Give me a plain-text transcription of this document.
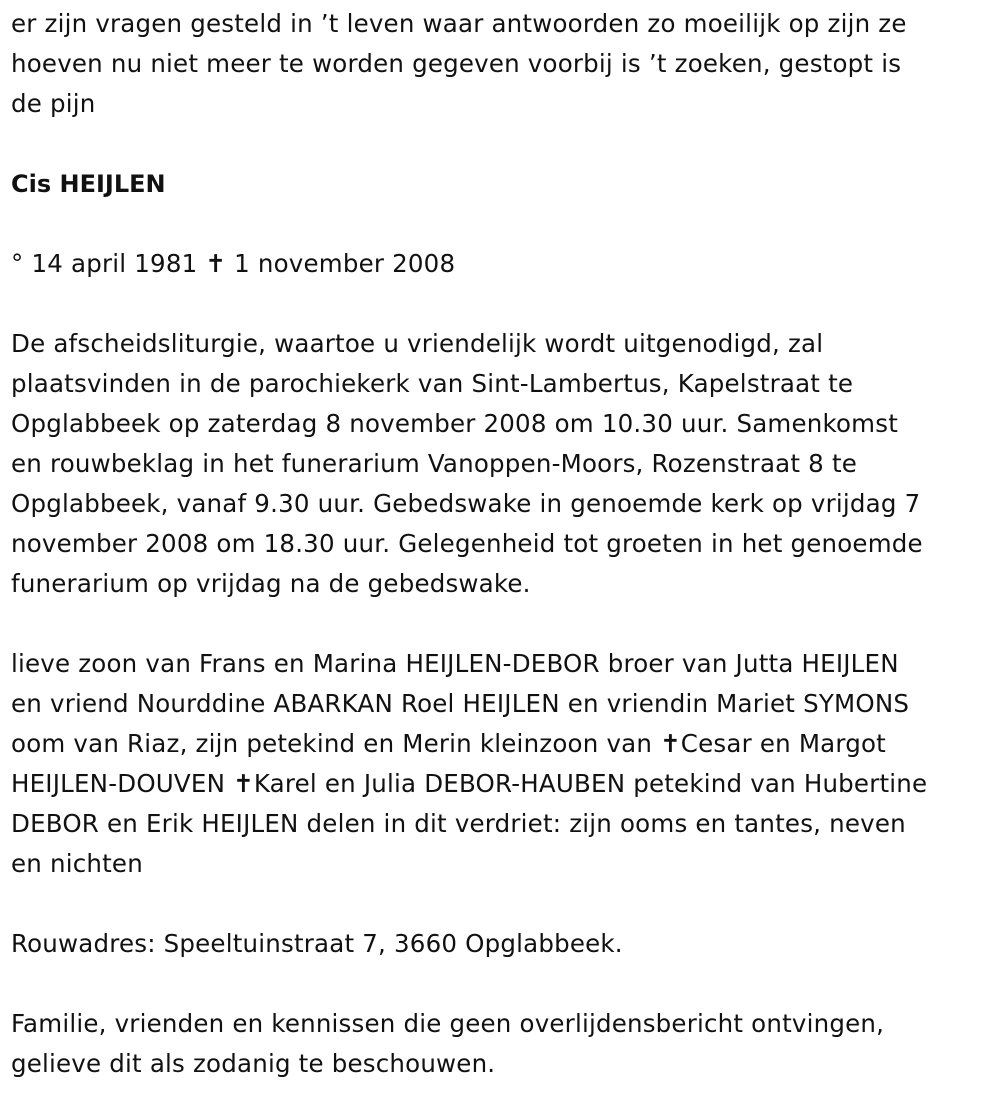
er zijn vragen gesteld in ’t leven waar antwoorden zo moeilijk op zijn ze
hoeven nu niet meer te worden gegeven voorbij is ’t zoeken, gestopt is
de pijn

Cis HEIJLEN

° 14 april 1981 ✝ 1 november 2008

De afscheidsliturgie, waartoe u vriendelijk wordt uitgenodigd, zal
plaatsvinden in de parochiekerk van Sint-Lambertus, Kapelstraat te
Opglabbeek op zaterdag 8 november 2008 om 10.30 uur. Samenkomst
en rouwbeklag in het funerarium Vanoppen-Moors, Rozenstraat 8 te
Opglabbeek, vanaf 9.30 uur. Gebedswake in genoemde kerk op vrijdag 7
november 2008 om 18.30 uur. Gelegenheid tot groeten in het genoemde
funerarium op vrijdag na de gebedswake.

lieve zoon van Frans en Marina HEIJLEN-DEBOR broer van Jutta HEIJLEN
en vriend Nourddine ABARKAN Roel HEIJLEN en vriendin Mariet SYMONS
oom van Riaz, zijn petekind en Merin kleinzoon van ✝Cesar en Margot
HEIJLEN-DOUVEN ✝Karel en Julia DEBOR-HAUBEN petekind van Hubertine
DEBOR en Erik HEIJLEN delen in dit verdriet: zijn ooms en tantes, neven
en nichten

Rouwadres: Speeltuinstraat 7, 3660 Opglabbeek.

Familie, vrienden en kennissen die geen overlijdensbericht ontvingen,
gelieve dit als zodanig te beschouwen.
